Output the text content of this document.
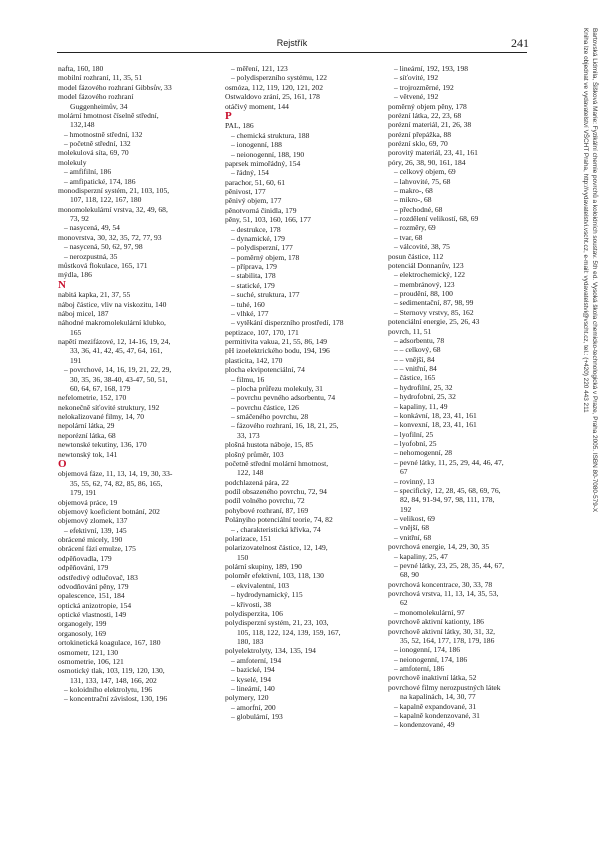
Rejstřík	241
nafta, 160, 180
mobilní rozhraní, 11, 35, 51
model fázového rozhraní Gibbsův, 33
model fázového rozhraní
Guggenheimův, 34
molární hmotnost číselně střední,
132,148
– hmotnostně střední, 132
– početně střední, 132
molekulová síta, 69, 70
molekuly
– amfifilní, 186
– amfipatické, 174, 186
monodisperzní systém, 21, 103, 105,
107, 118, 122, 167, 180
monomolekulární vrstva, 32, 49, 68,
73, 92
– nasycená, 49, 54
monovrstva, 30, 32, 35, 72, 77, 93
– nasycená, 50, 62, 97, 98
– nerozpustná, 35
můstková flokulace, 165, 171
mýdla, 186
N
nabitá kapka, 21, 37, 55
náboj částice, vliv na viskozitu, 140
náboj micel, 187
náhodné makromolekulární klubko,
165
napětí mezifázové, 12, 14-16, 19, 24,
33, 36, 41, 42, 45, 47, 64, 161,
191
– povrchové, 14, 16, 19, 21, 22, 29,
30, 35, 36, 38-40, 43-47, 50, 51,
60, 64, 67, 168, 179
nefelometrie, 152, 170
nekonečně síťovité struktury, 192
nelokalizované filmy, 14, 70
nepolární látka, 29
neporézní látka, 68
newtonské tekutiny, 136, 170
newtonský tok, 141
O
objemová fáze, 11, 13, 14, 19, 30, 33-
35, 55, 62, 74, 82, 85, 86, 165,
179, 191
objemová práce, 19
objemový koeficient botnání, 202
objemový zlomek, 137
– efektivní, 139, 145
obrácené micely, 190
obrácení fází emulze, 175
odpěňovadla, 179
odpěňování, 179
odstředivý odlučovač, 183
odvodňování pěny, 179
opalescence, 151, 184
optická anizotropie, 154
optické vlastnosti, 149
organogely, 199
organosoly, 169
ortokinetická koagulace, 167, 180
osmometr, 121, 130
osmometrie, 106, 121
osmotický tlak, 103, 119, 120, 130,
131, 133, 147, 148, 166, 202
– koloidního elektrolytu, 196
– koncentrační závislost, 130, 196
– měření, 121, 123
– polydisperzního systému, 122
osmóza, 112, 119, 120, 121, 202
Ostwaldovo zrání, 25, 161, 178
otáčivý moment, 144
P
PAL, 186
– chemická struktura, 188
– ionogenní, 188
– neionogenní, 188, 190
paprsek mimořádný, 154
– řádný, 154
parachor, 51, 60, 61
pěnivost, 177
pěnivý objem, 177
pěnotvorná činidla, 179
pěny, 51, 103, 160, 166, 177
– destrukce, 178
– dynamické, 179
– polydisperzní, 177
– poměrný objem, 178
– příprava, 179
– stabilita, 178
– statické, 179
– suché, struktura, 177
– tuhé, 160
– vlhké, 177
– vytěkání disperzního prostředí, 178
peptizace, 107, 170, 171
permitivita vakua, 21, 55, 86, 149
pH izoelektrického bodu, 194, 196
plasticita, 142, 170
plocha ekvipotenciální, 74
– filmu, 16
– plocha průřezu molekuly, 31
– povrchu pevného adsorbentu, 74
– povrchu částice, 126
– smáčeného povrchu, 28
– fázového rozhraní, 16, 18, 21, 25,
33, 173
plošná hustota náboje, 15, 85
plošný průměr, 103
početně střední molární hmotnost,
122, 148
podchlazená pára, 22
podíl obsazeného povrchu, 72, 94
podíl volného povrchu, 72
pohybové rozhraní, 87, 169
Polányiho potenciální teorie, 74, 82
– , charakteristická křivka, 74
polarizace, 151
polarizovatelnost částice, 12, 149,
150
polární skupiny, 189, 190
poloměr efektivní, 103, 118, 130
– ekvivalentní, 103
– hydrodynamický, 115
– křivosti, 38
polydisperzita, 106
polydisperzní systém, 21, 23, 103,
105, 118, 122, 124, 139, 159, 167,
180, 183
polyelektrolyty, 134, 135, 194
– amfoterní, 194
– bazické, 194
– kyselé, 194
– lineární, 140
polymery, 120
– amorfní, 200
– globulární, 193
– lineární, 192, 193, 198
– síťovité, 192
– trojrozměrné, 192
– větvené, 192
poměrný objem pěny, 178
porézní látka, 22, 23, 68
porézní materiál, 21, 26, 38
porézní přepážka, 88
porézní sklo, 69, 70
porovitý materiál, 23, 41, 161
póry, 26, 38, 90, 161, 184
– celkový objem, 69
– lahvovité, 75, 68
– makro-, 68
– mikro-, 68
– přechodné, 68
– rozdělení velikostí, 68, 69
– rozměry, 69
– tvar, 68
– válcovité, 38, 75
posun částice, 112
potenciál Donnanův, 123
– elektrochemický, 122
– membránový, 123
– proudění, 88, 100
– sedimentační, 87, 98, 99
– Sternovy vrstvy, 85, 162
potenciální energie, 25, 26, 43
povrch, 11, 51
– adsorbentu, 78
– – celkový, 68
– – vnější, 84
– – vnitřní, 84
– částice, 165
– hydrofilní, 25, 32
– hydrofobní, 25, 32
– kapaliny, 11, 49
– konkávní, 18, 23, 41, 161
– konvexní, 18, 23, 41, 161
– lyofilní, 25
– lyofobní, 25
– nehomogenní, 28
– pevné látky, 11, 25, 29, 44, 46, 47,
67
– rovinný, 13
– specifický, 12, 28, 45, 68, 69, 76,
82, 84, 91-94, 97, 98, 111, 178,
192
– velikost, 69
– vnější, 68
– vnitřní, 68
povrchová energie, 14, 29, 30, 35
– kapaliny, 25, 47
– pevné látky, 23, 25, 28, 35, 44, 67,
68, 90
povrchová koncentrace, 30, 33, 78
povrchová vrstva, 11, 13, 14, 35, 53,
62
– monomolekulární, 97
povrchově aktivní kationty, 186
povrchově aktivní látky, 30, 31, 32,
35, 52, 164, 177, 178, 179, 186
– ionogenní, 174, 186
– neionogenní, 174, 186
– amfoterní, 186
povrchově inaktivní látka, 52
povrchové filmy nerozpustných látek
na kapalinách, 14, 30, 77
– kapalně expandované, 31
– kapalně kondenzované, 31
– kondenzované, 49
Bartovská Lidmila, Šišková Marie: Fyzikální chemie povrchů a koloidních soustav. 5th ed. Vysoká škola chemicko-technologická v Praze, Praha 2005. ISBN 80-7080-579-X
Kniha lze objednat ve vydavatelství VŠCHT Praha, http://vydavatelstvi.vscht.cz, e-mail: vydavatelstvi@vscht.cz, tel.: (+420) 220 443 211
